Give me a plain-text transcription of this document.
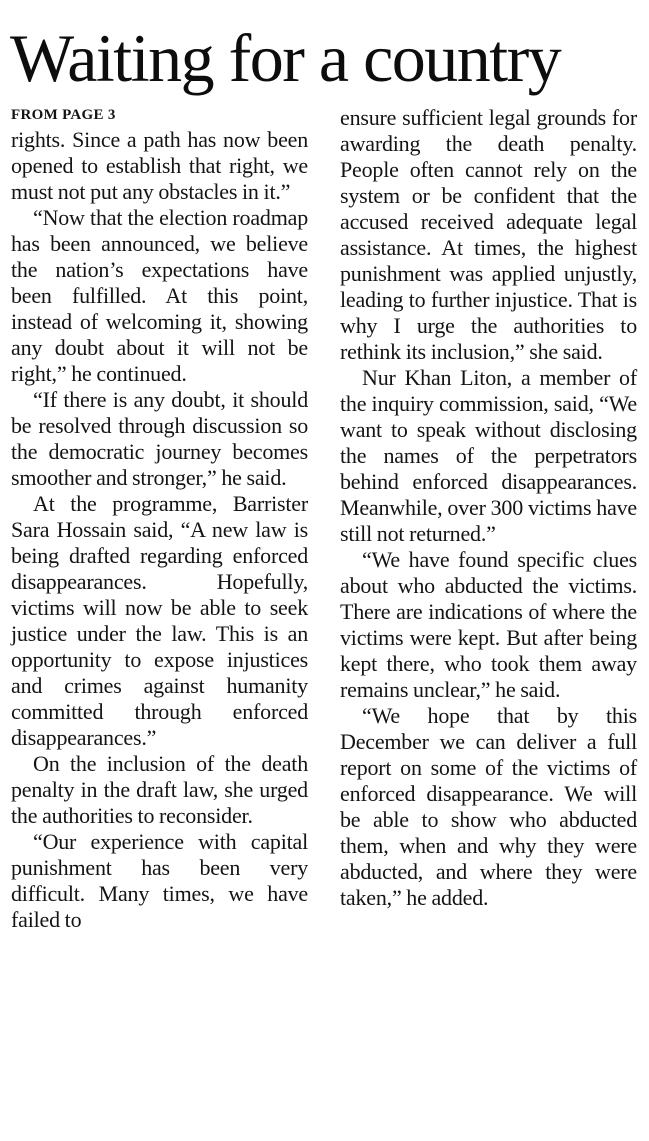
Waiting for a country

FROM PAGE 3

rights. Since a path has now been opened to establish that right, we must not put any obstacles in it.”

“Now that the election roadmap has been announced, we believe the nation’s expectations have been fulfilled. At this point, instead of welcoming it, showing any doubt about it will not be right,” he continued.

“If there is any doubt, it should be resolved through discussion so the democratic journey becomes smoother and stronger,” he said.

At the programme, Barrister Sara Hossain said, “A new law is being drafted regarding enforced disappearances. Hopefully, victims will now be able to seek justice under the law. This is an opportunity to expose injustices and crimes against humanity committed through enforced disappearances.”

On the inclusion of the death penalty in the draft law, she urged the authorities to reconsider.

“Our experience with capital punishment has been very difficult. Many times, we have failed to

ensure sufficient legal grounds for awarding the death penalty. People often cannot rely on the system or be confident that the accused received adequate legal assistance. At times, the highest punishment was applied unjustly, leading to further injustice. That is why I urge the authorities to rethink its inclusion,” she said.

Nur Khan Liton, a member of the inquiry commission, said, “We want to speak without disclosing the names of the perpetrators behind enforced disappearances. Meanwhile, over 300 victims have still not returned.”

“We have found specific clues about who abducted the victims. There are indications of where the victims were kept. But after being kept there, who took them away remains unclear,” he said.

“We hope that by this December we can deliver a full report on some of the victims of enforced disappearance. We will be able to show who abducted them, when and why they were abducted, and where they were taken,” he added.
